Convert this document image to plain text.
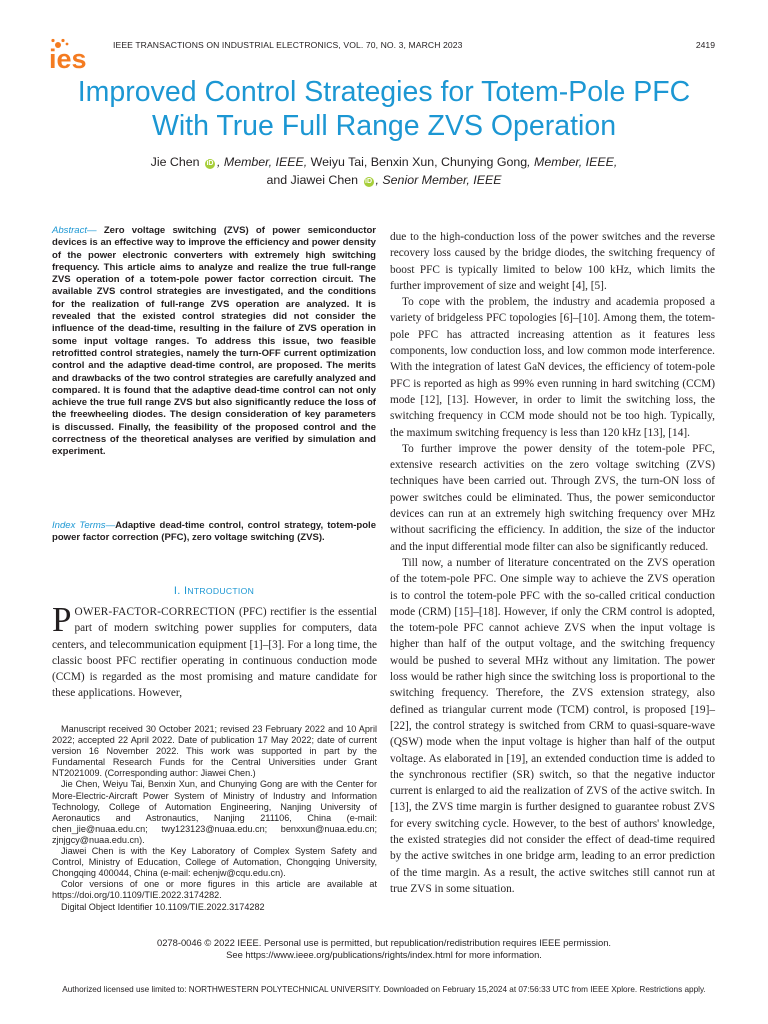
ies	IEEE TRANSACTIONS ON INDUSTRIAL ELECTRONICS, VOL. 70, NO. 3, MARCH 2023	2419
Improved Control Strategies for Totem-Pole PFC
With True Full Range ZVS Operation
Jie Chen iD , Member, IEEE, Weiyu Tai, Benxin Xun, Chunying Gong, Member, IEEE,
and Jiawei Chen iD , Senior Member, IEEE
Abstract— Zero voltage switching (ZVS) of power semiconductor devices is an effective way to improve the efficiency and power density of the power electronic converters with extremely high switching frequency. This article aims to analyze and realize the true full-range ZVS operation of a totem-pole power factor correction circuit. The available ZVS control strategies are investigated, and the conditions for the realization of full-range ZVS operation are analyzed. It is revealed that the existed control strategies did not consider the influence of the dead-time, resulting in the failure of ZVS operation in some input voltage ranges. To address this issue, two feasible retrofitted control strategies, namely the turn-OFF current optimization control and the adaptive dead-time control, are proposed. The merits and drawbacks of the two control strategies are carefully analyzed and compared. It is found that the adaptive dead-time control can not only achieve the true full range ZVS but also significantly reduce the loss of the freewheeling diodes. The design consideration of key parameters is discussed. Finally, the feasibility of the proposed control and the correctness of the theoretical analyses are verified by simulation and experiment.
Index Terms—Adaptive dead-time control, control strategy, totem-pole power factor correction (PFC), zero voltage switching (ZVS).
I. INTRODUCTION
POWER-FACTOR-CORRECTION (PFC) rectifier is the essential part of modern switching power supplies for computers, data centers, and telecommunication equipment [1]–[3]. For a long time, the classic boost PFC rectifier operating in continuous conduction mode (CCM) is regarded as the most promising and mature candidate for these applications. However,

Manuscript received 30 October 2021; revised 23 February 2022 and 10 April 2022; accepted 22 April 2022. Date of publication 17 May 2022; date of current version 16 November 2022. This work was supported in part by the Fundamental Research Funds for the Central Universities under Grant NT2021009. (Corresponding author: Jiawei Chen.)

Jie Chen, Weiyu Tai, Benxin Xun, and Chunying Gong are with the Center for More-Electric-Aircraft Power System of Ministry of Industry and Information Technology, College of Automation Engineering, Nanjing University of Aeronautics and Astronautics, Nanjing 211106, China (e-mail: chen_jie@nuaa.edu.cn; twy123123@nuaa.edu.cn; benxxun@nuaa.edu.cn; zjnjgcy@nuaa.edu.cn).

Jiawei Chen is with the Key Laboratory of Complex System Safety and Control, Ministry of Education, College of Automation, Chongqing University, Chongqing 400044, China (e-mail: echenjw@cqu.edu.cn).

Color versions of one or more figures in this article are available at https://doi.org/10.1109/TIE.2022.3174282.

Digital Object Identifier 10.1109/TIE.2022.3174282

due to the high-conduction loss of the power switches and the reverse recovery loss caused by the bridge diodes, the switching frequency of boost PFC is typically limited to below 100 kHz, which limits the further improvement of size and weight [4], [5].

To cope with the problem, the industry and academia proposed a variety of bridgeless PFC topologies [6]–[10]. Among them, the totem-pole PFC has attracted increasing attention as it features less components, low conduction loss, and low common mode interference. With the integration of latest GaN devices, the efficiency of totem-pole PFC is reported as high as 99% even running in hard switching (CCM) mode [12], [13]. However, in order to limit the switching loss, the switching frequency in CCM mode should not be too high. Typically, the maximum switching frequency is less than 120 kHz [13], [14].

To further improve the power density of the totem-pole PFC, extensive research activities on the zero voltage switching (ZVS) techniques have been carried out. Through ZVS, the turn-ON loss of power switches could be eliminated. Thus, the power semiconductor devices can run at an extremely high switching frequency over MHz without sacrificing the efficiency. In addition, the size of the inductor and the input differential mode filter can also be significantly reduced.

Till now, a number of literature concentrated on the ZVS operation of the totem-pole PFC. One simple way to achieve the ZVS operation is to control the totem-pole PFC with the so-called critical conduction mode (CRM) [15]–[18]. However, if only the CRM control is adopted, the totem-pole PFC cannot achieve ZVS when the input voltage is higher than half of the output voltage, and the switching frequency would be pushed to several MHz without any limitation. The power loss would be rather high since the switching loss is proportional to the switching frequency. Therefore, the ZVS extension strategy, also defined as triangular current mode (TCM) control, is proposed [19]–[22], the control strategy is switched from CRM to quasi-square-wave (QSW) mode when the input voltage is higher than half of the output voltage. As elaborated in [19], an extended conduction time is added to the synchronous rectifier (SR) switch, so that the negative inductor current is enlarged to aid the realization of ZVS of the active switch. In [13], the ZVS time margin is further designed to guarantee robust ZVS for every switching cycle. However, to the best of authors' knowledge, the existed strategies did not consider the effect of dead-time required by the active switches in one bridge arm, leading to an error prediction of the time margin. As a result, the active switches still cannot run at true ZVS in some situation.

0278-0046 © 2022 IEEE. Personal use is permitted, but republication/redistribution requires IEEE permission.
See https://www.ieee.org/publications/rights/index.html for more information.
Authorized licensed use limited to: NORTHWESTERN POLYTECHNICAL UNIVERSITY. Downloaded on February 15,2024 at 07:56:33 UTC from IEEE Xplore. Restrictions apply.
